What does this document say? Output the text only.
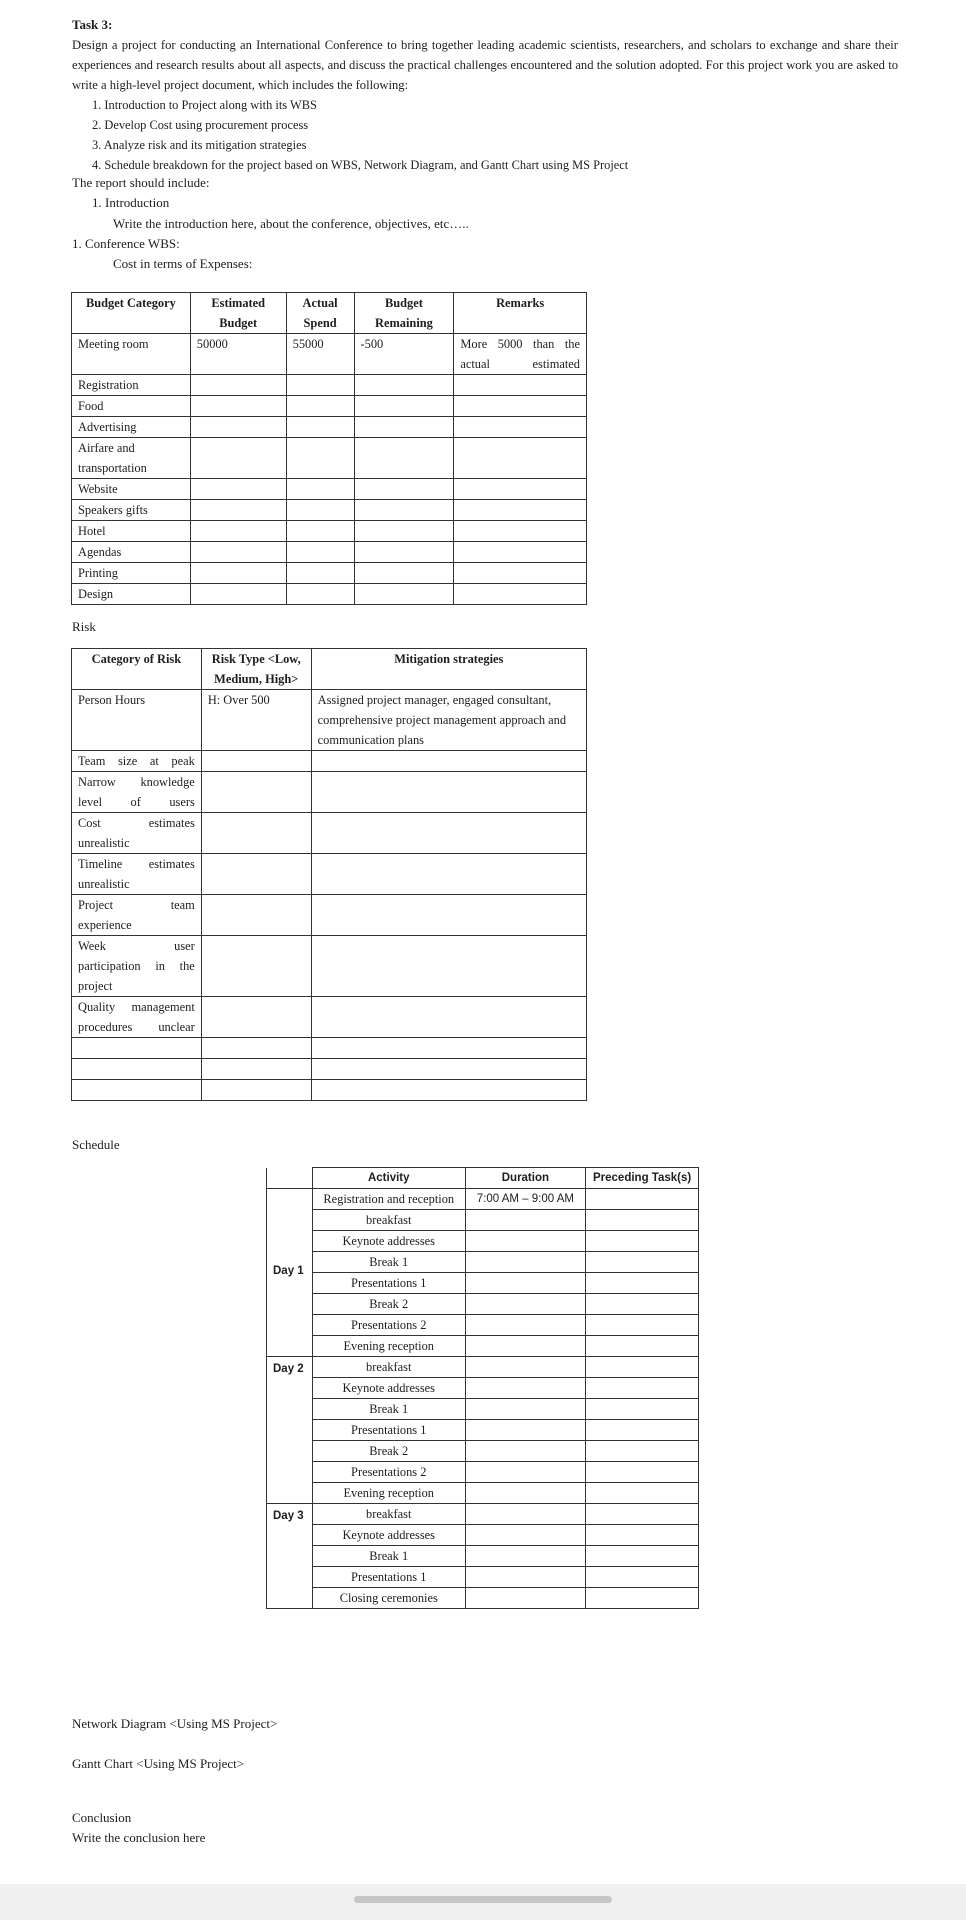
Task 3:
Design a project for conducting an International Conference to bring together leading academic scientists, researchers, and scholars to exchange and share their experiences and research results about all aspects, and discuss the practical challenges encountered and the solution adopted. For this project work you are asked to write a high-level project document, which includes the following:
1. Introduction to Project along with its WBS
2. Develop Cost using procurement process
3. Analyze risk and its mitigation strategies
4. Schedule breakdown for the project based on WBS, Network Diagram, and Gantt Chart using MS Project
The report should include:
1. Introduction
Write the introduction here, about the conference, objectives, etc…..
1. Conference WBS:
Cost in terms of Expenses:
Budget Category	Estimated Budget	Actual Spend	Budget Remaining	Remarks
Meeting room	50000	55000	-500	More 5000 than the actual estimated
Registration				
Food				
Advertising				
Airfare and transportation				
Website				
Speakers gifts				
Hotel				
Agendas				
Printing				
Design				
Risk
Category of Risk	Risk Type <Low, Medium, High>	Mitigation strategies
Person Hours	H: Over 500	Assigned project manager, engaged consultant, comprehensive project management approach and communication plans
Team size at peak		
Narrow knowledge level of users		
Cost estimates unrealistic		
Timeline estimates unrealistic		
Project team experience		
Week user participation in the project		
Quality management procedures unclear		

Schedule
	Activity	Duration	Preceding Task(s)
Day 1	Registration and reception	7:00 AM – 9:00 AM	
	breakfast		
	Keynote addresses		
	Break 1		
	Presentations 1		
	Break 2		
	Presentations 2		
	Evening reception		
Day 2	breakfast		
	Keynote addresses		
	Break 1		
	Presentations 1		
	Break 2		
	Presentations 2		
	Evening reception		
Day 3	breakfast		
	Keynote addresses		
	Break 1		
	Presentations 1		
	Closing ceremonies		
Network Diagram <Using MS Project>
Gantt Chart <Using MS Project>
Conclusion
Write the conclusion here
